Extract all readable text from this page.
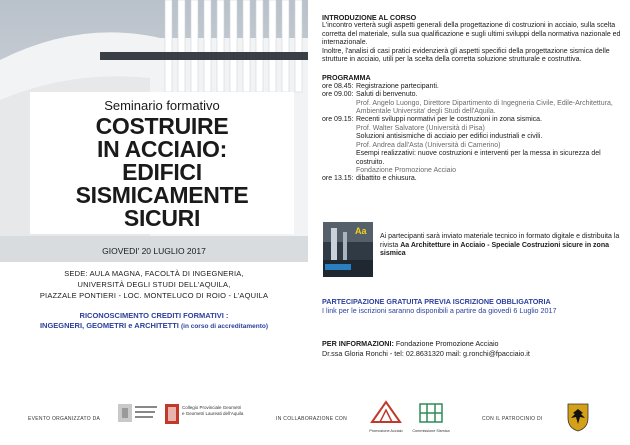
Seminario formativo
COSTRUIRE
IN ACCIAIO:
EDIFICI
SISMICAMENTE
SICURI
GIOVEDI' 20 LUGLIO 2017
SEDE: AULA MAGNA, FACOLTÀ DI INGEGNERIA,
UNIVERSITÀ DEGLI STUDI DELL'AQUILA,
PIAZZALE PONTIERI - LOC. MONTELUCO DI ROIO - L'AQUILA
RICONOSCIMENTO CREDITI FORMATIVI :
INGEGNERI, GEOMETRI e ARCHITETTI (in corso di accreditamento)
INTRODUZIONE AL CORSO
L'incontro verterà sugli aspetti generali della progettazione di costruzioni in acciaio, sulla scelta corretta del materiale, sulla sua qualificazione e sugli ultimi sviluppi della normativa nazionale ed internazionale.
Inoltre, l'analisi di casi pratici evidenzierà gli aspetti specifici della progettazione sismica delle strutture in acciaio, utili per la scelta della corretta soluzione strutturale e costruttiva.
PROGRAMMA
ore 08.45: Registrazione partecipanti.
ore 09.00: Saluti di benvenuto.
Prof. Angelo Luongo, Direttore Dipartimento di Ingegneria Civile, Edile-Architettura, Ambientale Universita' degli Studi dell'Aquila.
ore 09.15: Recenti sviluppi normativi per le costruzioni in zona sismica.
Prof. Walter Salvatore (Università di Pisa)
Soluzioni antisismiche di acciaio per edifici industriali e civili.
Prof. Andrea dall'Asta (Università di Camerino)
Esempi realizzativi: nuove costruzioni e interventi per la messa in sicurezza del costruito.
Fondazione Promozione Acciaio
ore 13.15: dibattito e chiusura.
Aa
Ai partecipanti sarà inviato materiale tecnico in formato digitale e distribuita la rivista Aa Architetture in Acciaio - Speciale Costruzioni sicure in zona sismica
PARTECIPAZIONE GRATUITA PREVIA ISCRIZIONE OBBLIGATORIA
I link per le iscrizioni saranno disponibili a partire da giovedì 6 Luglio 2017
PER INFORMAZIONI: Fondazione Promozione Acciaio
Dr.ssa Gloria Ronchi - tel: 02.8631320 mail: g.ronchi@fpacciaio.it
EVENTO ORGANIZZATO DA
Collegio Provinciale Geometri e Geometri Laureati dell'Aquila
IN COLLABORAZIONE CON
Promozione Acciaio	Commissione Sismica
CON IL PATROCINIO DI
